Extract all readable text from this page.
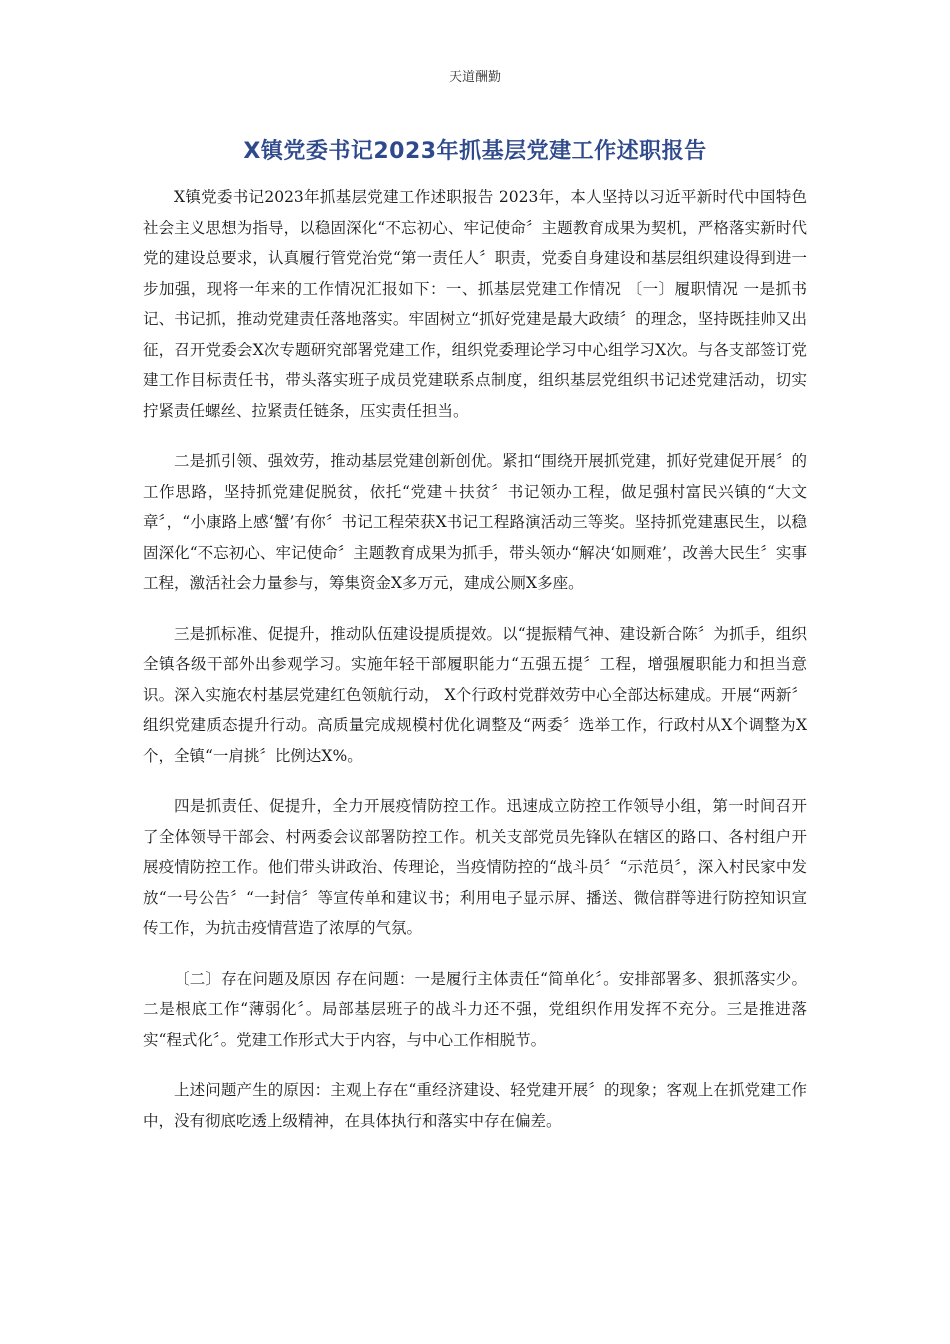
天道酬勤
X镇党委书记2023年抓基层党建工作述职报告

X镇党委书记2023年抓基层党建工作述职报告 2023年，本人坚持以习近平新时代中国特色社会主义思想为指导，以稳固深化“不忘初心、牢记使命〞主题教育成果为契机，严格落实新时代党的建设总要求，认真履行管党治党“第一责任人〞职责，党委自身建设和基层组织建设得到进一步加强，现将一年来的工作情况汇报如下：一、抓基层党建工作情况 〔一〕履职情况 一是抓书记、书记抓，推动党建责任落地落实。牢固树立“抓好党建是最大政绩〞的理念，坚持既挂帅又出征，召开党委会X次专题研究部署党建工作，组织党委理论学习中心组学习X次。与各支部签订党建工作目标责任书，带头落实班子成员党建联系点制度，组织基层党组织书记述党建活动，切实拧紧责任螺丝、拉紧责任链条，压实责任担当。

二是抓引领、强效劳，推动基层党建创新创优。紧扣“围绕开展抓党建，抓好党建促开展〞的工作思路，坚持抓党建促脱贫，依托“党建＋扶贫〞书记领办工程，做足强村富民兴镇的“大文章〞，“小康路上感‘蟹’有你〞书记工程荣获X书记工程路演活动三等奖。坚持抓党建惠民生，以稳固深化“不忘初心、牢记使命〞主题教育成果为抓手，带头领办“解决‘如厕难’，改善大民生〞实事工程，激活社会力量参与，筹集资金X多万元，建成公厕X多座。

三是抓标准、促提升，推动队伍建设提质提效。以“提振精气神、建设新合陈〞为抓手，组织全镇各级干部外出参观学习。实施年轻干部履职能力“五强五提〞工程，增强履职能力和担当意识。深入实施农村基层党建红色领航行动， X个行政村党群效劳中心全部达标建成。开展“两新〞组织党建质态提升行动。高质量完成规模村优化调整及“两委〞选举工作，行政村从X个调整为X个，全镇“一肩挑〞比例达X%。

四是抓责任、促提升，全力开展疫情防控工作。迅速成立防控工作领导小组，第一时间召开了全体领导干部会、村两委会议部署防控工作。机关支部党员先锋队在辖区的路口、各村组户开展疫情防控工作。他们带头讲政治、传理论，当疫情防控的“战斗员〞“示范员〞，深入村民家中发放“一号公告〞“一封信〞等宣传单和建议书；利用电子显示屏、播送、微信群等进行防控知识宣传工作，为抗击疫情营造了浓厚的气氛。

〔二〕存在问题及原因 存在问题：一是履行主体责任“简单化〞。安排部署多、狠抓落实少。二是根底工作“薄弱化〞。局部基层班子的战斗力还不强，党组织作用发挥不充分。三是推进落实“程式化〞。党建工作形式大于内容，与中心工作相脱节。

上述问题产生的原因：主观上存在“重经济建设、轻党建开展〞的现象；客观上在抓党建工作中，没有彻底吃透上级精神，在具体执行和落实中存在偏差。
